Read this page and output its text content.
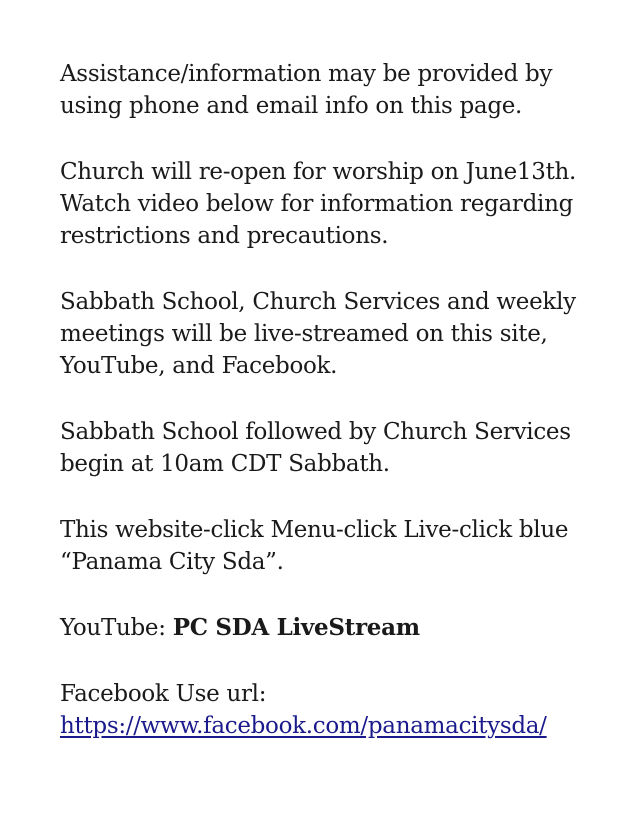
Assistance/information may be provided by
using phone and email info on this page.

Church will re-open for worship on June13th.
Watch video below for information regarding
restrictions and precautions.

Sabbath School, Church Services and weekly
meetings will be live-streamed on this site,
YouTube, and Facebook.

Sabbath School followed by Church Services
begin at 10am CDT Sabbath.

This website-click Menu-click Live-click blue
“Panama City Sda”.

YouTube: PC SDA LiveStream

Facebook Use url:
https://www.facebook.com/panamacitysda/
